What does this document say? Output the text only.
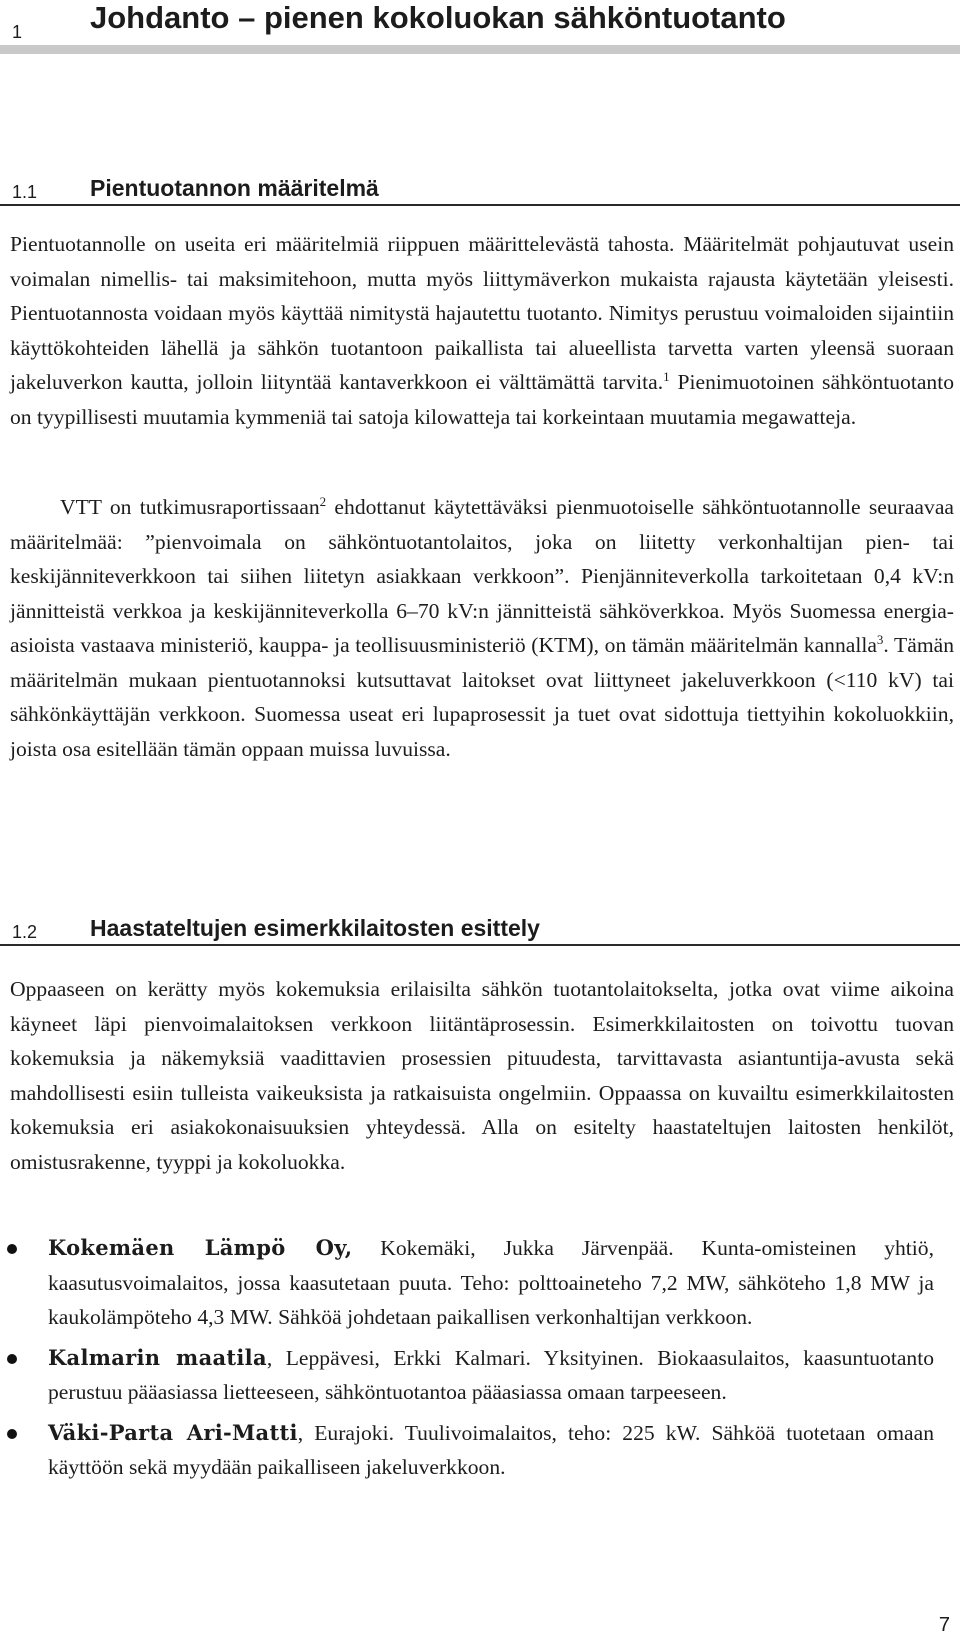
1 Johdanto – pienen kokoluokan sähköntuotanto
1.1 Pientuotannon määritelmä

Pientuotannolle on useita eri määritelmiä riippuen määrittelevästä tahosta. Määritelmät pohjautuvat usein voimalan nimellis- tai maksimitehoon, mutta myös liittymäverkon mukaista rajausta käytetään yleisesti. Pientuotannosta voidaan myös käyttää nimitystä hajautettu tuotanto. Nimitys perustuu voimaloiden sijaintiin käyttökohteiden lähellä ja sähkön tuotantoon paikallista tai alueellista tarvetta varten yleensä suoraan jakeluverkon kautta, jolloin liityntää kantaverkkoon ei välttämättä tarvita.$^1$ Pienimuotoinen sähköntuotanto on tyypillisesti muutamia kymmeniä tai satoja kilowatteja tai korkeintaan muutamia megawatteja.

VTT on tutkimusraportissaan$^2$ ehdottanut käytettäväksi pienmuotoiselle sähköntuotannolle seuraavaa määritelmää: ”pienvoimala on sähköntuotantolaitos, joka on liitetty verkonhaltijan pien- tai keskijänniteverkkoon tai siihen liitetyn asiakkaan verkkoon”. Pienjänniteverkolla tarkoitetaan 0,4 kV:n jännitteistä verkkoa ja keskijänniteverkolla 6–70 kV:n jännitteistä sähköverkkoa. Myös Suomessa energia-asioista vastaava ministeriö, kauppa- ja teollisuusministeriö (KTM), on tämän määritelmän kannalla$^3$. Tämän määritelmän mukaan pientuotannoksi kutsuttavat laitokset ovat liittyneet jakeluverkkoon (<110 kV) tai sähkönkäyttäjän verkkoon. Suomessa useat eri lupaprosessit ja tuet ovat sidottuja tiettyihin kokoluokkiin, joista osa esitellään tämän oppaan muissa luvuissa.

1.2 Haastateltujen esimerkkilaitosten esittely

Oppaaseen on kerätty myös kokemuksia erilaisilta sähkön tuotantolaitokselta, jotka ovat viime aikoina käyneet läpi pienvoimalaitoksen verkkoon liitäntäprosessin. Esimerkkilaitosten on toivottu tuovan kokemuksia ja näkemyksiä vaadittavien prosessien pituudesta, tarvittavasta asiantuntija-avusta sekä mahdollisesti esiin tulleista vaikeuksista ja ratkaisuista ongelmiin. Oppaassa on kuvailtu esimerkkilaitosten kokemuksia eri asiakokonaisuuksien yhteydessä. Alla on esitelty haastateltujen laitosten henkilöt, omistusrakenne, tyyppi ja kokoluokka.

Kokemäen Lämpö Oy, Kokemäki, Jukka Järvenpää. Kunta-omisteinen yhtiö, kaasutusvoimalaitos, jossa kaasutetaan puuta. Teho: polttoaineteho 7,2 MW, sähköteho 1,8 MW ja kaukolämpöteho 4,3 MW. Sähköä johdetaan paikallisen verkonhaltijan verkkoon.
Kalmarin maatila, Leppävesi, Erkki Kalmari. Yksityinen. Biokaasulaitos, kaasuntuotanto perustuu pääasiassa lietteeseen, sähköntuotantoa pääasiassa omaan tarpeeseen.
Väki-Parta Ari-Matti, Eurajoki. Tuulivoimalaitos, teho: 225 kW. Sähköä tuotetaan omaan käyttöön sekä myydään paikalliseen jakeluverkkoon.
7
